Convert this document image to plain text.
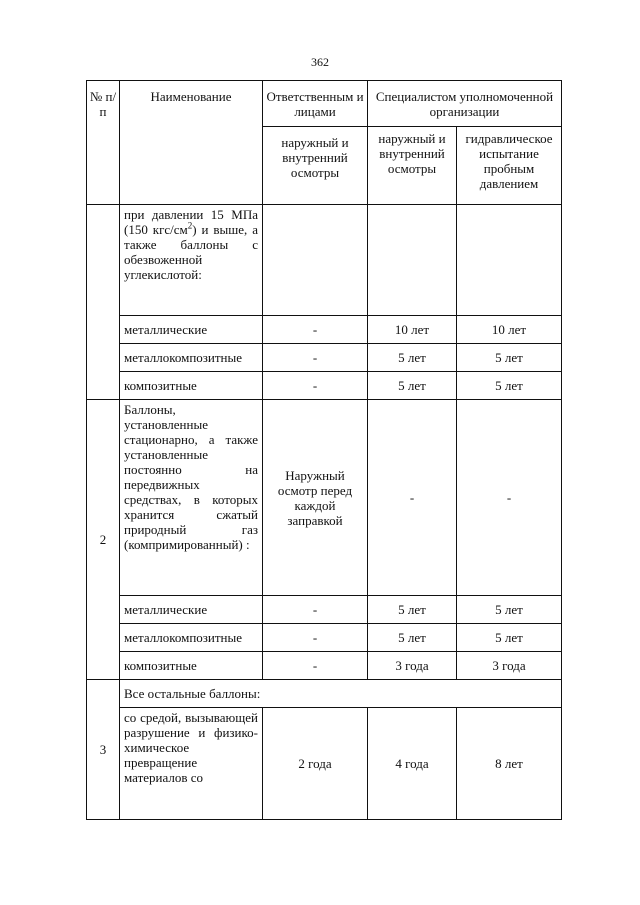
362
№ п/п	Наименование	Ответственным и лицами	Специалистом уполномоченной организации	
		наружный и внутренний осмотры	наружный и внутренний осмотры	гидравлическое испытание пробным давлением
	при давлении 15 МПа (150 кгс/$см^2$) и выше, а также баллоны с обезвоженной углекислотой:			
	металлические	-	10 лет	10 лет
	металлокомпозитные	-	5 лет	5 лет
	композитные	-	5 лет	5 лет
2	Баллоны, установленные стационарно, а также установленные постоянно на передвижных средствах, в которых хранится сжатый природный газ (компримированный) :	Наружный осмотр перед каждой заправкой	-	-
	металлические	-	5 лет	5 лет
	металлокомпозитные	-	5 лет	5 лет
	композитные	-	3 года	3 года
3	Все остальные баллоны:			
	со средой, вызывающей разрушение и физико-химическое превращение материалов со	2 года	4 года	8 лет
